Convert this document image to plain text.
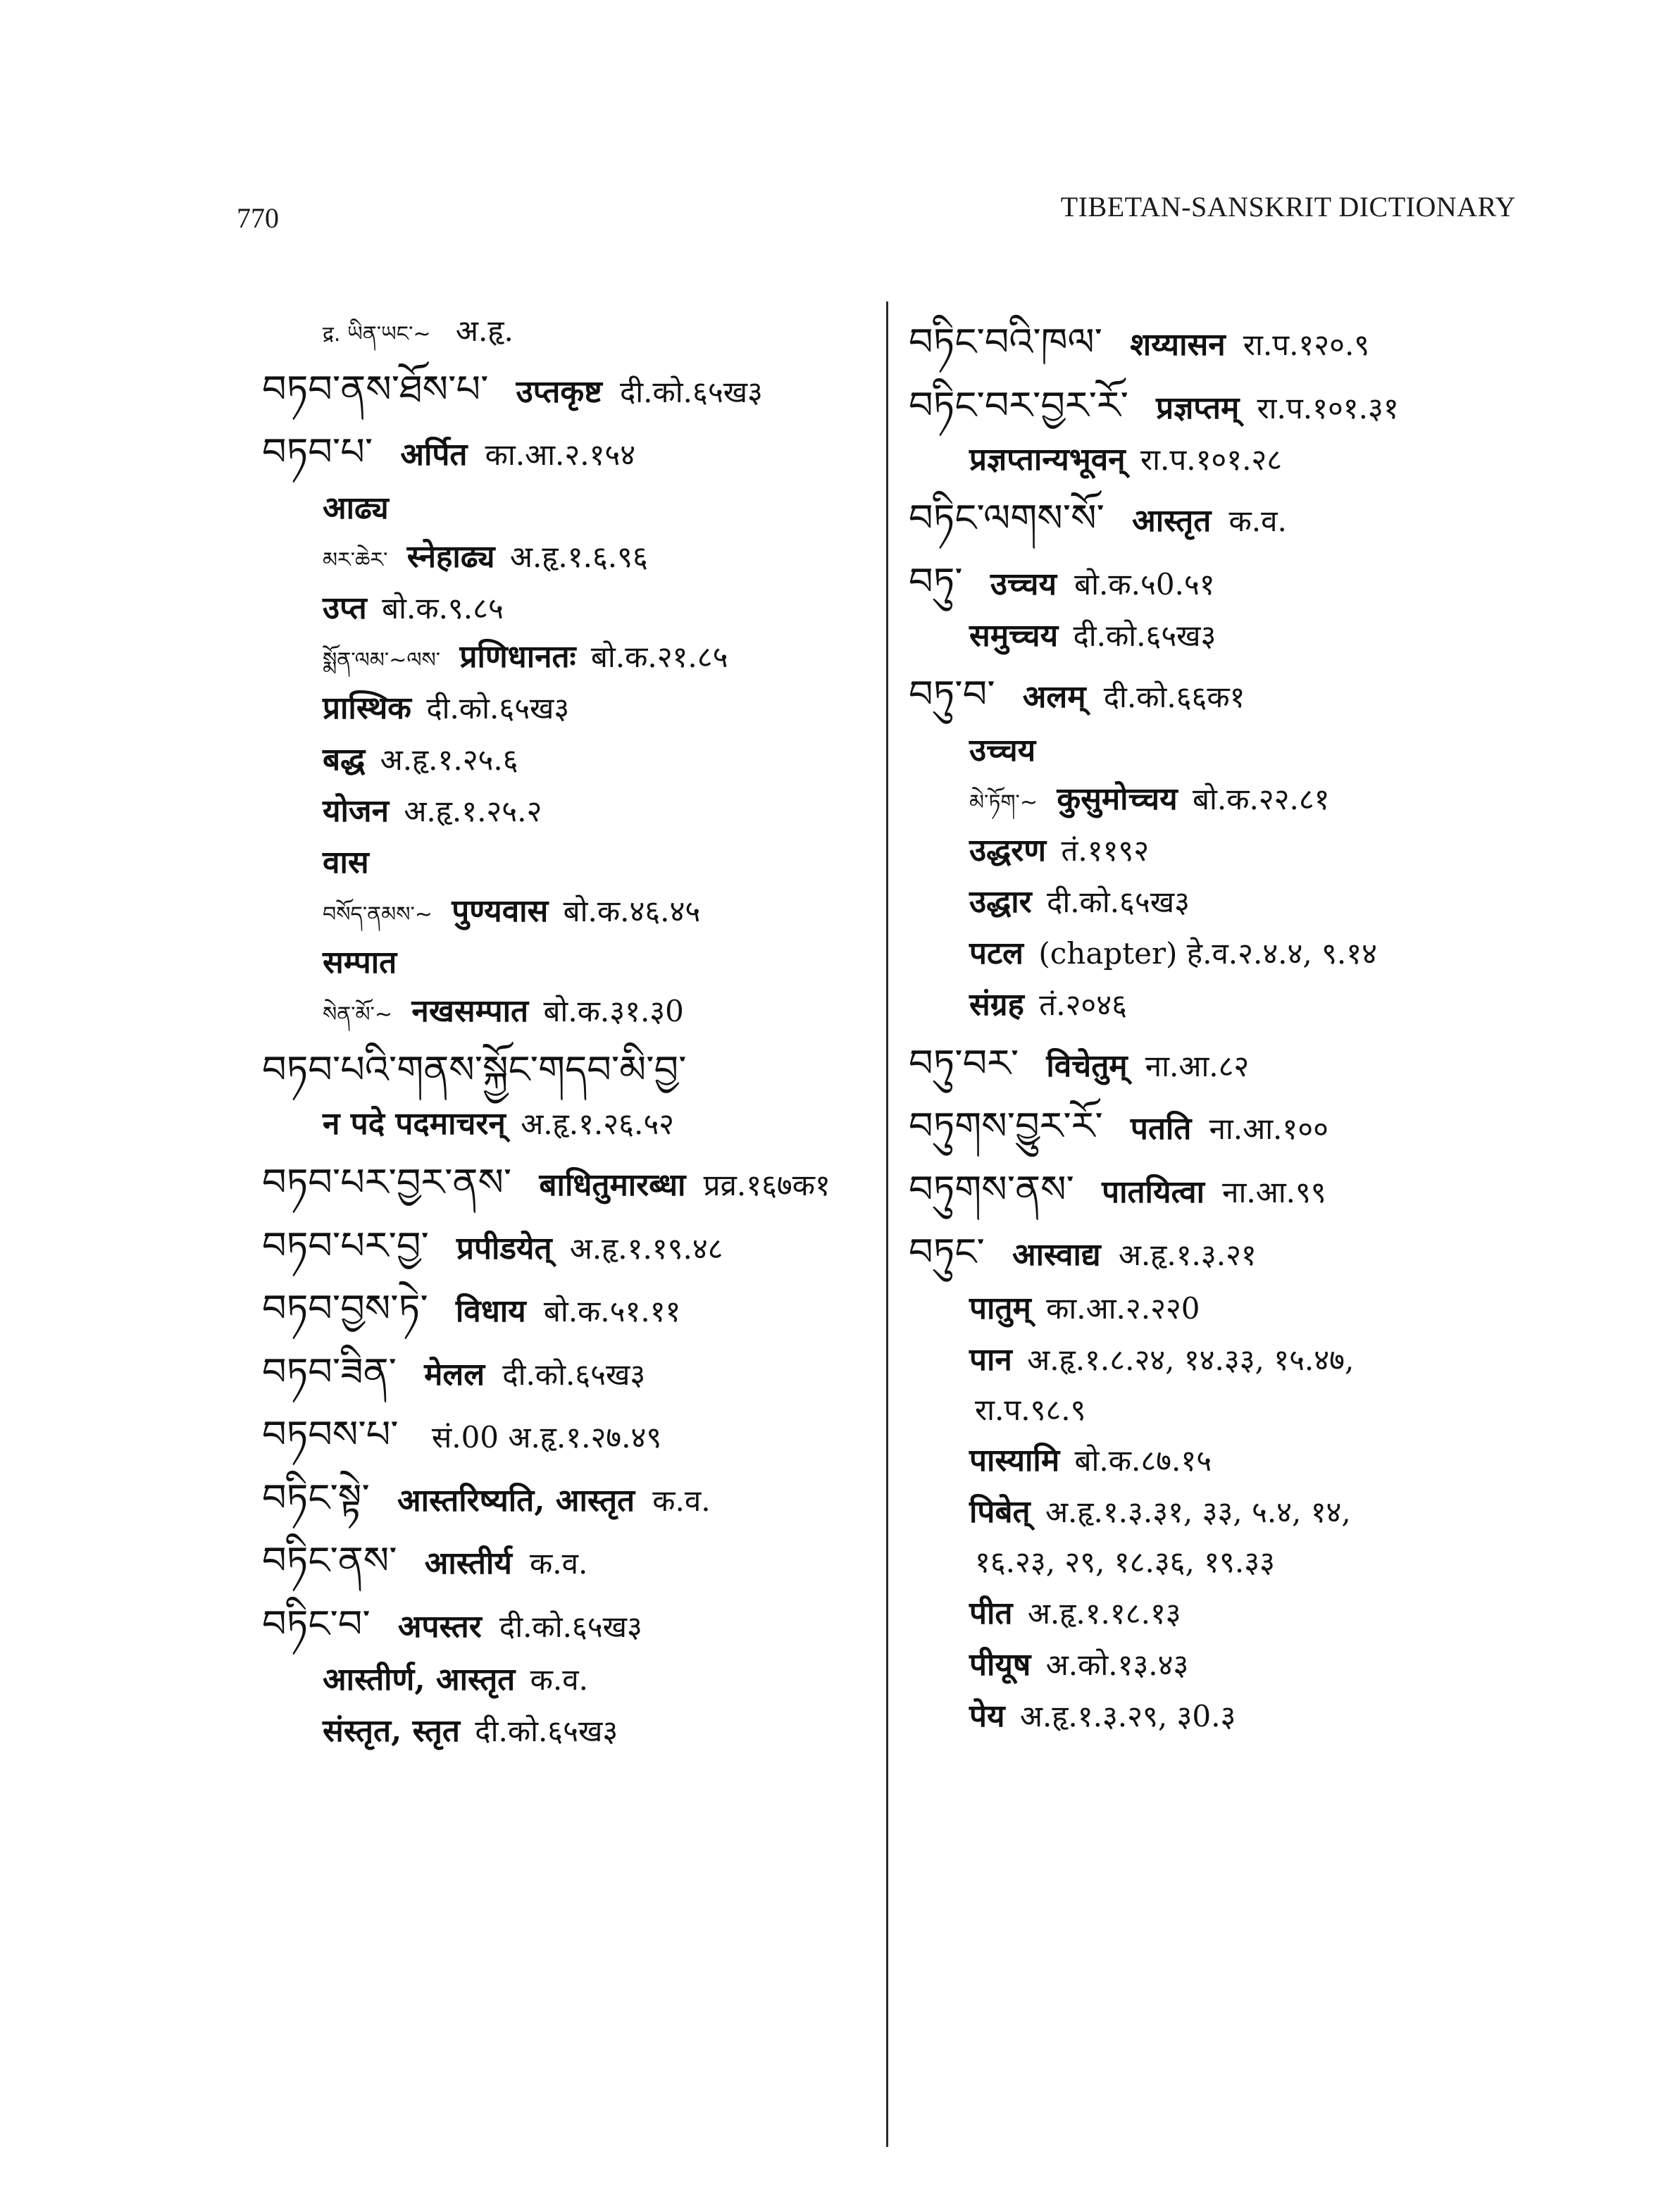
770	TIBETAN-SANSKRIT DICTIONARY
द्र. ཡིན་ཡང་~ अ.हृ.
བཏབ་ནས་ཐོས་པ་ उप्तकृष्ट दी.को.६५ख३
བཏབ་པ་ अर्पित का.आ.२.१५४
आढ्य
མར་ཆེར་ स्नेहाढ्य अ.हृ.१.६.९६
उप्त बो.क.९.८५
སྨོན་ལམ་~ལས་ प्रणिधानतः बो.क.२१.८५
प्रास्थिक दी.को.६५ख३
बद्ध अ.हृ.१.२५.६
योजन अ.हृ.१.२५.२
वास
བསོད་ནམས་~ पुण्यवास बो.क.४६.४५
सम्पात
སེན་མོ་~ नखसम्पात बो.क.३१.३0
བཏབ་པའི་གནས་སྐྱོང་གདབ་མི་བྱ་
न पदे पदमाचरन् अ.हृ.१.२६.५२
བཏབ་པར་བྱར་ནས་ बाधितुमारब्धा प्रव्र.१६७क१
བཏབ་པར་བྱ་ प्रपीडयेत् अ.हृ.१.१९.४८
བཏབ་བྱས་ཏེ་ विधाय बो.क.५१.११
བཏབ་ཟིན་ मेलल दी.को.६५ख३
བཏབས་པ་ सं.00 अ.हृ.१.२७.४९
བཏིང་སྟེ་ आस्तरिष्यति, आस्तृत क.व.
བཏིང་ནས་ आस्तीर्य क.व.
བཏིང་བ་ अपस्तर दी.को.६५ख३
आस्तीर्ण, आस्तृत क.व.
संस्तृत, स्तृत दी.को.६५ख३
བཏིང་བའི་ཁལ་ शय्यासन रा.प.१२०.९
བཏིང་བར་བྱར་རོ་ प्रज्ञप्तम् रा.प.१०१.३१
प्रज्ञप्तान्यभूवन् रा.प.१०१.२८
བཏིང་ལགས་སོ་ आस्तृत क.व.
བཏུ་ उच्चय बो.क.५0.५१
समुच्चय दी.को.६५ख३
བཏུ་བ་ अलम् दी.को.६६क१
उच्चय
མེ་ཏོག་~ कुसुमोच्चय बो.क.२२.८१
उद्धरण तं.११९२
उद्धार दी.को.६५ख३
पटल (chapter) हे.व.२.४.४, ९.१४
संग्रह तं.२०४६
བཏུ་བར་ विचेतुम् ना.आ.८२
བཏུགས་བྱུར་རོ་ पतति ना.आ.१००
བཏུགས་ནས་ पातयित्वा ना.आ.९९
བཏུང་ आस्वाद्य अ.हृ.१.३.२१
पातुम् का.आ.२.२२0
पान अ.हृ.१.८.२४, १४.३३, १५.४७,
रा.प.९८.९
पास्यामि बो.क.८७.१५
पिबेत् अ.हृ.१.३.३१, ३३, ५.४, १४,
१६.२३, २९, १८.३६, १९.३३
पीत अ.हृ.१.१८.१३
पीयूष अ.को.१३.४३
पेय अ.हृ.१.३.२९, ३0.३
